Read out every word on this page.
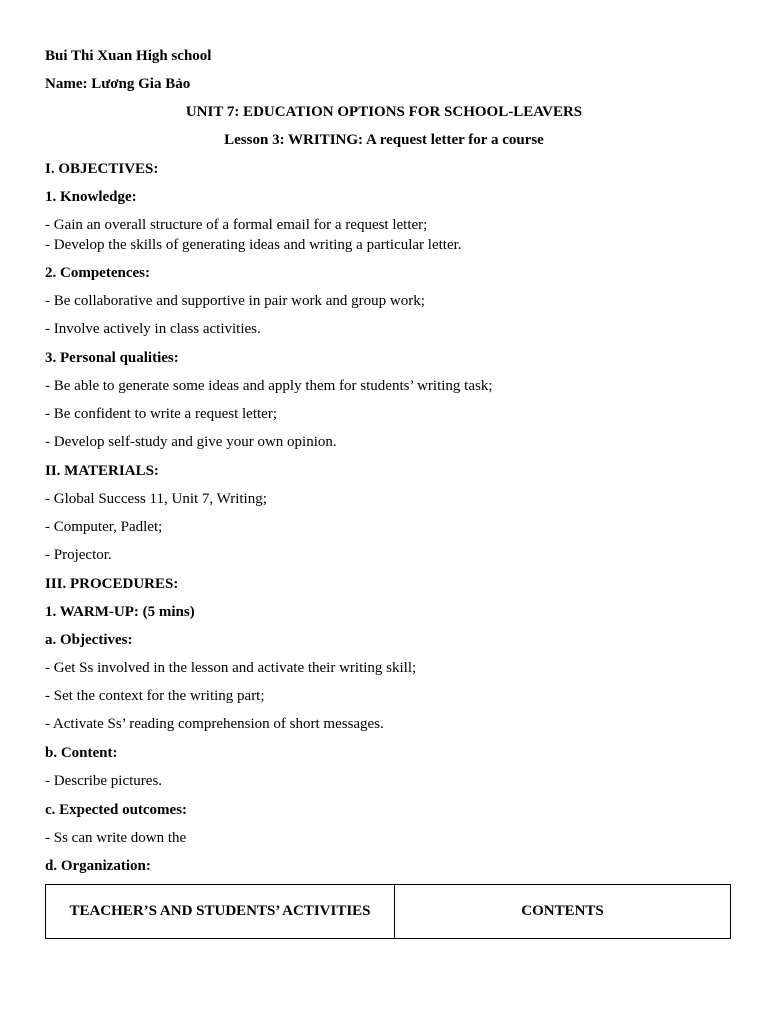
Bui Thi Xuan High school
Name: Lương Gia Bảo
UNIT 7: EDUCATION OPTIONS FOR SCHOOL-LEAVERS
Lesson 3: WRITING: A request letter for a course
I. OBJECTIVES:
1. Knowledge:
- Gain an overall structure of a formal email for a request letter;
- Develop the skills of generating ideas and writing a particular letter.
2. Competences:
- Be collaborative and supportive in pair work and group work;
- Involve actively in class activities.
3. Personal qualities:
- Be able to generate some ideas and apply them for students’ writing task;
- Be confident to write a request letter;
- Develop self-study and give your own opinion.
II. MATERIALS:
- Global Success 11, Unit 7, Writing;
- Computer, Padlet;
- Projector.
III. PROCEDURES:
1. WARM-UP: (5 mins)
a. Objectives:
- Get Ss involved in the lesson and activate their writing skill;
- Set the context for the writing part;
- Activate Ss’ reading comprehension of short messages.
b. Content:
- Describe pictures.
c. Expected outcomes:
- Ss can write down the
d. Organization:
TEACHER’S AND STUDENTS’ ACTIVITIES	CONTENTS
